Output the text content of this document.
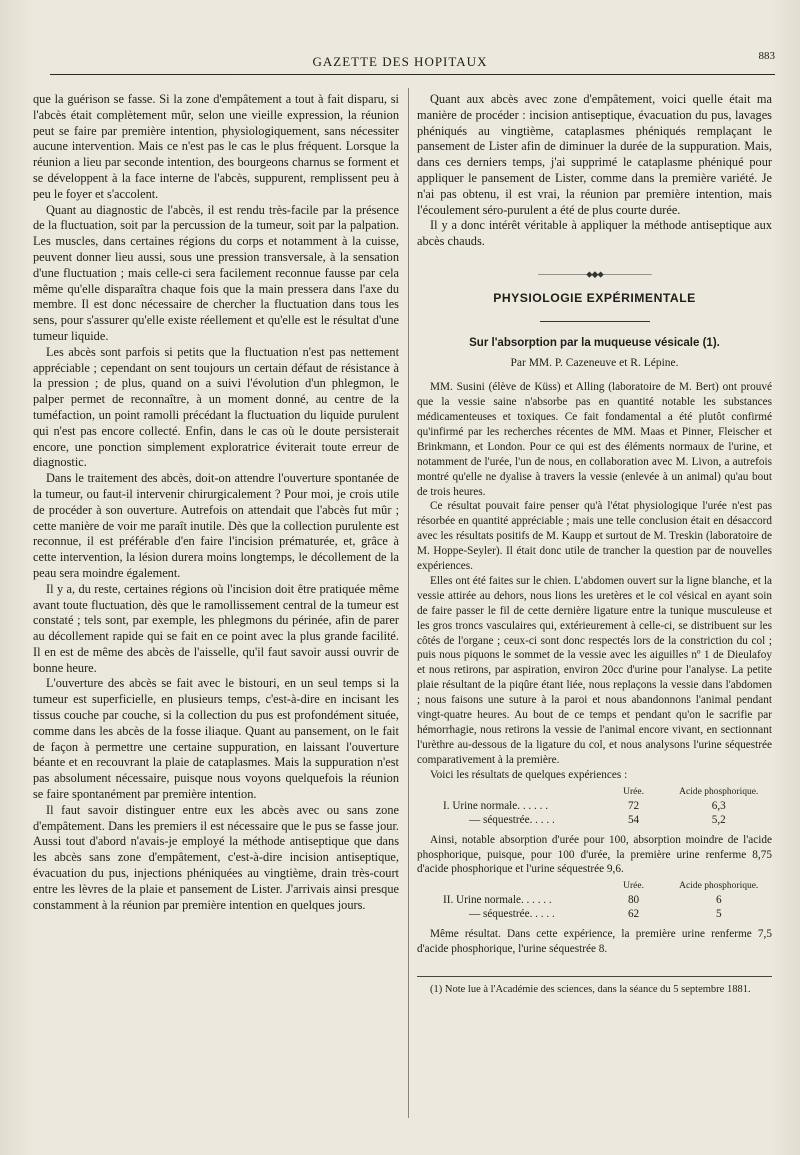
GAZETTE DES HOPITAUX	883

que la guérison se fasse. Si la zone d'empâtement a tout à fait disparu, si l'abcès était complètement mûr, selon une vieille expression, la réunion peut se faire par première intention, physiologiquement, sans nécessiter aucune intervention. Mais ce n'est pas le cas le plus fréquent. Lorsque la réunion a lieu par seconde intention, des bourgeons charnus se forment et se développent à la face interne de l'abcès, suppurent, remplissent peu à peu le foyer et s'accolent.

Quant au diagnostic de l'abcès, il est rendu très-facile par la présence de la fluctuation, soit par la percussion de la tumeur, soit par la palpation. Les muscles, dans certaines régions du corps et notamment à la cuisse, peuvent donner lieu aussi, sous une pression transversale, à la sensation d'une fluctuation ; mais celle-ci sera facilement reconnue fausse par cela même qu'elle disparaîtra chaque fois que la main pressera dans l'axe du membre. Il est donc nécessaire de chercher la fluctuation dans tous les sens, pour s'assurer qu'elle existe réellement et qu'elle est le résultat d'une tumeur liquide.

Les abcès sont parfois si petits que la fluctuation n'est pas nettement appréciable ; cependant on sent toujours un certain défaut de résistance à la pression ; de plus, quand on a suivi l'évolution d'un phlegmon, le palper permet de reconnaître, à un moment donné, au centre de la tuméfaction, un point ramolli précédant la fluctuation du liquide purulent qui n'est pas encore collecté. Enfin, dans le cas où le doute persisterait encore, une ponction simplement exploratrice éviterait toute erreur de diagnostic.

Dans le traitement des abcès, doit-on attendre l'ouverture spontanée de la tumeur, ou faut-il intervenir chirurgicalement ? Pour moi, je crois utile de procéder à son ouverture. Autrefois on attendait que l'abcès fut mûr ; cette manière de voir me paraît inutile. Dès que la collection purulente est reconnue, il est préférable d'en faire l'incision prématurée, et, grâce à cette intervention, la lésion durera moins longtemps, le décollement de la peau sera moindre également.

Il y a, du reste, certaines régions où l'incision doit être pratiquée même avant toute fluctuation, dès que le ramollissement central de la tumeur est constaté ; tels sont, par exemple, les phlegmons du périnée, afin de parer au décollement rapide qui se fait en ce point avec la plus grande facilité. Il en est de même des abcès de l'aisselle, qu'il faut savoir aussi ouvrir de bonne heure.

L'ouverture des abcès se fait avec le bistouri, en un seul temps si la tumeur est superficielle, en plusieurs temps, c'est-à-dire en incisant les tissus couche par couche, si la collection du pus est profondément située, comme dans les abcès de la fosse iliaque. Quant au pansement, on le fait de façon à permettre une certaine suppuration, en laissant l'ouverture béante et en recouvrant la plaie de cataplasmes. Mais la suppuration n'est pas absolument nécessaire, puisque nous voyons quelquefois la réunion se faire spontanément par première intention.

Il faut savoir distinguer entre eux les abcès avec ou sans zone d'empâtement. Dans les premiers il est nécessaire que le pus se fasse jour. Aussi tout d'abord n'avais-je employé la méthode antiseptique que dans les abcès sans zone d'empâtement, c'est-à-dire incision antiseptique, évacuation du pus, injections phéniquées au vingtième, drain très-court entre les lèvres de la plaie et pansement de Lister. J'arrivais ainsi presque constamment à la réunion par première intention en quelques jours.

Quant aux abcès avec zone d'empâtement, voici quelle était ma manière de procéder : incision antiseptique, évacuation du pus, lavages phéniqués au vingtième, cataplasmes phéniqués remplaçant le pansement de Lister afin de diminuer la durée de la suppuration. Mais, dans ces derniers temps, j'ai supprimé le cataplasme phéniqué pour appliquer le pansement de Lister, comme dans la première variété. Je n'ai pas obtenu, il est vrai, la réunion par première intention, mais l'écoulement séro-purulent a été de plus courte durée.

Il y a donc intérêt véritable à appliquer la méthode antiseptique aux abcès chauds.

——————⬥◆⬥——————
PHYSIOLOGIE EXPÉRIMENTALE
Sur l'absorption par la muqueuse vésicale (1).
Par MM. P. Cazeneuve et R. Lépine.

MM. Susini (élève de Küss) et Alling (laboratoire de M. Bert) ont prouvé que la vessie saine n'absorbe pas en quantité notable les substances médicamenteuses et toxiques. Ce fait fondamental a été plutôt confirmé qu'infirmé par les recherches récentes de MM. Maas et Pinner, Fleischer et Brinkmann, et London. Pour ce qui est des éléments normaux de l'urine, et notamment de l'urée, l'un de nous, en collaboration avec M. Livon, a autrefois montré qu'elle ne dyalise à travers la vessie (enlevée à un animal) qu'au bout de trois heures.

Ce résultat pouvait faire penser qu'à l'état physiologique l'urée n'est pas résorbée en quantité appréciable ; mais une telle conclusion était en désaccord avec les résultats positifs de M. Kaupp et surtout de M. Treskin (laboratoire de M. Hoppe-Seyler). Il était donc utile de trancher la question par de nouvelles expériences.

Elles ont été faites sur le chien. L'abdomen ouvert sur la ligne blanche, et la vessie attirée au dehors, nous lions les uretères et le col vésical en ayant soin de faire passer le fil de cette dernière ligature entre la tunique musculeuse et les gros troncs vasculaires qui, extérieurement à celle-ci, se distribuent sur les côtés de l'organe ; ceux-ci sont donc respectés lors de la constriction du col ; puis nous piquons le sommet de la vessie avec les aiguilles nº 1 de Dieulafoy et nous retirons, par aspiration, environ 20cc d'urine pour l'analyse. La petite plaie résultant de la piqûre étant liée, nous replaçons la vessie dans l'abdomen ; nous faisons une suture à la paroi et nous abandonnons l'animal pendant vingt-quatre heures. Au bout de ce temps et pendant qu'on le sacrifie par hémorrhagie, nous retirons la vessie de l'animal encore vivant, en sectionnant l'urèthre au-dessous de la ligature du col, et nous analysons l'urine séquestrée comparativement à la première.

Voici les résultats de quelques expériences :

	Urée.	Acide phosphorique.
I. Urine normale. . . . . .	72	6,3
— séquestrée. . . . .	54	5,2

Ainsi, notable absorption d'urée pour 100, absorption moindre de l'acide phosphorique, puisque, pour 100 d'urée, la première urine renferme 8,75 d'acide phosphorique et l'urine séquestrée 9,6.

	Urée.	Acide phosphorique.
II. Urine normale. . . . . .	80	6
— séquestrée. . . . .	62	5

Même résultat. Dans cette expérience, la première urine renferme 7,5 d'acide phosphorique, l'urine séquestrée 8.

(1) Note lue à l'Académie des sciences, dans la séance du 5 septembre 1881.
